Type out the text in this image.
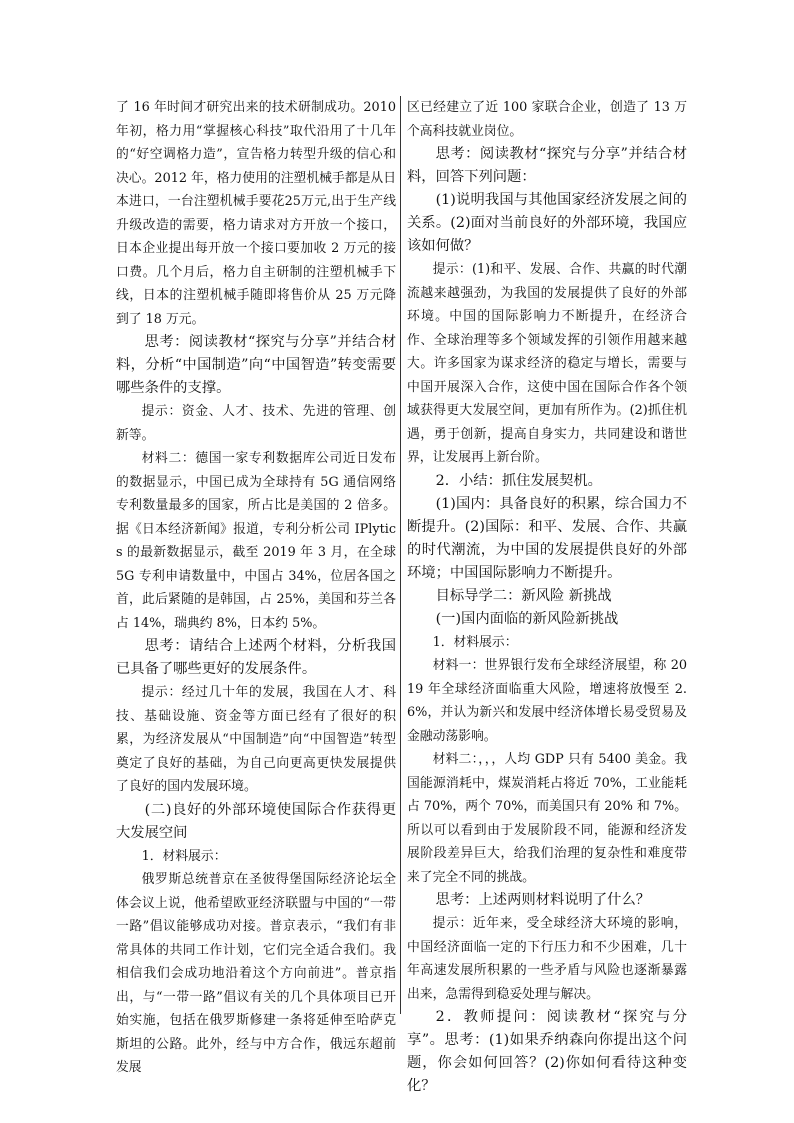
了 16 年时间才研究出来的技术研制成功。2010 年初，格力用“掌握核心科技”取代沿用了十几年的“好空调格力造”，宣告格力转型升级的信心和决心。2012 年，格力使用的注塑机械手都是从日本进口，一台注塑机械手要花25万元,出于生产线升级改造的需要，格力请求对方开放一个接口，日本企业提出每开放一个接口要加收 2 万元的接口费。几个月后，格力自主研制的注塑机械手下线，日本的注塑机械手随即将售价从 25 万元降到了 18 万元。

思考：阅读教材“探究与分享”并结合材料，分析“中国制造”向“中国智造”转变需要哪些条件的支撑。

提示：资金、人才、技术、先进的管理、创新等。

材料二：德国一家专利数据库公司近日发布的数据显示，中国已成为全球持有 5G 通信网络专利数量最多的国家，所占比是美国的 2 倍多。据《日本经济新闻》报道，专利分析公司 IPlytics 的最新数据显示，截至 2019 年 3 月，在全球 5G 专利申请数量中，中国占 34%，位居各国之首，此后紧随的是韩国，占 25%，美国和芬兰各占 14%，瑞典约 8%，日本约 5%。

思考：请结合上述两个材料，分析我国已具备了哪些更好的发展条件。

提示：经过几十年的发展，我国在人才、科技、基础设施、资金等方面已经有了很好的积累，为经济发展从“中国制造”向“中国智造”转型奠定了良好的基础，为自己向更高更快发展提供了良好的国内发展环境。

(二)良好的外部环境使国际合作获得更大发展空间

1．材料展示：

俄罗斯总统普京在圣彼得堡国际经济论坛全体会议上说，他希望欧亚经济联盟与中国的“一带一路”倡议能够成功对接。普京表示，“我们有非常具体的共同工作计划，它们完全适合我们。我相信我们会成功地沿着这个方向前进”。普京指出，与“一带一路”倡议有关的几个具体项目已开始实施，包括在俄罗斯修建一条将延伸至哈萨克斯坦的公路。此外，经与中方合作，俄远东超前发展

区已经建立了近 100 家联合企业，创造了 13 万个高科技就业岗位。

思考：阅读教材“探究与分享”并结合材料，回答下列问题：

(1)说明我国与其他国家经济发展之间的关系。(2)面对当前良好的外部环境，我国应该如何做？

提示：(1)和平、发展、合作、共赢的时代潮流越来越强劲，为我国的发展提供了良好的外部环境。中国的国际影响力不断提升，在经济合作、全球治理等多个领域发挥的引领作用越来越大。许多国家为谋求经济的稳定与增长，需要与中国开展深入合作，这使中国在国际合作各个领域获得更大发展空间，更加有所作为。(2)抓住机遇，勇于创新，提高自身实力，共同建设和谐世界，让发展再上新台阶。

2．小结：抓住发展契机。

(1)国内：具备良好的积累，综合国力不断提升。(2)国际：和平、发展、合作、共赢的时代潮流，为中国的发展提供良好的外部环境；中国国际影响力不断提升。

目标导学二：新风险 新挑战

(一)国内面临的新风险新挑战

1．材料展示：

材料一：世界银行发布全球经济展望，称 2019 年全球经济面临重大风险，增速将放慢至 2.6%，并认为新兴和发展中经济体增长易受贸易及金融动荡影响。

材料二：，，，人均 GDP 只有 5400 美金。我国能源消耗中，煤炭消耗占将近 70%，工业能耗占 70%，两个 70%，而美国只有 20% 和 7%。所以可以看到由于发展阶段不同，能源和经济发展阶段差异巨大，给我们治理的复杂性和难度带来了完全不同的挑战。

思考：上述两则材料说明了什么？

提示：近年来，受全球经济大环境的影响，中国经济面临一定的下行压力和不少困难，几十年高速发展所积累的一些矛盾与风险也逐渐暴露出来，急需得到稳妥处理与解决。

2．教师提问：阅读教材“探究与分享”。思考：(1)如果乔纳森向你提出这个问题，你会如何回答？(2)你如何看待这种变化？
